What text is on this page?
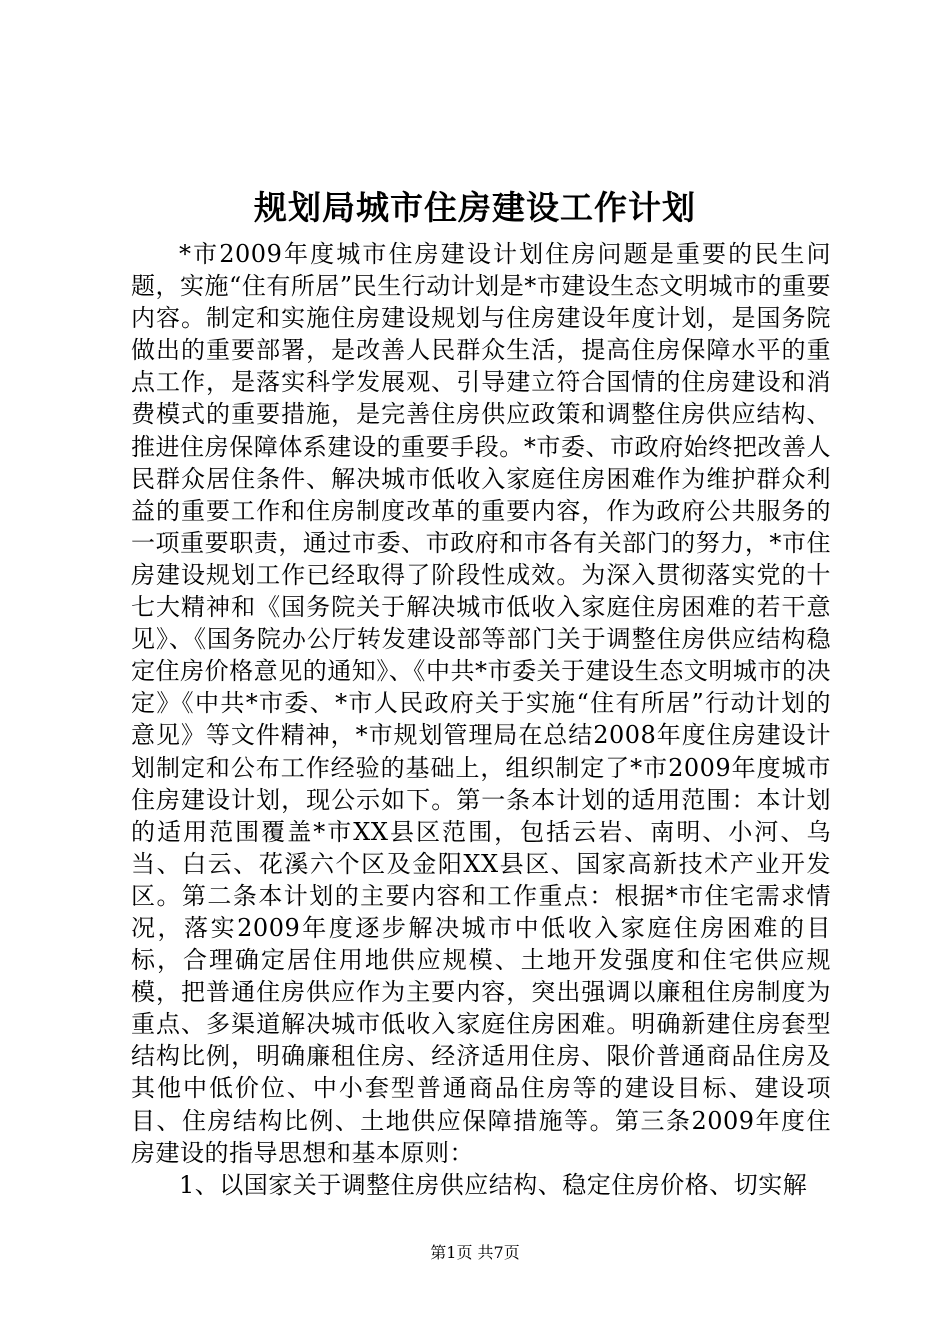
规划局城市住房建设工作计划

*市2009年度城市住房建设计划住房问题是重要的民生问题，实施“住有所居”民生行动计划是*市建设生态文明城市的重要内容。制定和实施住房建设规划与住房建设年度计划，是国务院做出的重要部署，是改善人民群众生活，提高住房保障水平的重点工作，是落实科学发展观、引导建立符合国情的住房建设和消费模式的重要措施，是完善住房供应政策和调整住房供应结构、推进住房保障体系建设的重要手段。*市委、市政府始终把改善人民群众居住条件、解决城市低收入家庭住房困难作为维护群众利益的重要工作和住房制度改革的重要内容，作为政府公共服务的一项重要职责，通过市委、市政府和市各有关部门的努力，*市住房建设规划工作已经取得了阶段性成效。为深入贯彻落实党的十七大精神和《国务院关于解决城市低收入家庭住房困难的若干意见》、《国务院办公厅转发建设部等部门关于调整住房供应结构稳定住房价格意见的通知》、《中共*市委关于建设生态文明城市的决定》《中共*市委、*市人民政府关于实施“住有所居”行动计划的意见》等文件精神，*市规划管理局在总结2008年度住房建设计划制定和公布工作经验的基础上，组织制定了*市2009年度城市住房建设计划，现公示如下。第一条本计划的适用范围：本计划的适用范围覆盖*市XX县区范围，包括云岩、南明、小河、乌当、白云、花溪六个区及金阳XX县区、国家高新技术产业开发区。第二条本计划的主要内容和工作重点：根据*市住宅需求情况，落实2009年度逐步解决城市中低收入家庭住房困难的目标，合理确定居住用地供应规模、土地开发强度和住宅供应规模，把普通住房供应作为主要内容，突出强调以廉租住房制度为重点、多渠道解决城市低收入家庭住房困难。明确新建住房套型结构比例，明确廉租住房、经济适用住房、限价普通商品住房及其他中低价位、中小套型普通商品住房等的建设目标、建设项目、住房结构比例、土地供应保障措施等。第三条2009年度住房建设的指导思想和基本原则：

1、以国家关于调整住房供应结构、稳定住房价格、切实解

第1页 共7页
